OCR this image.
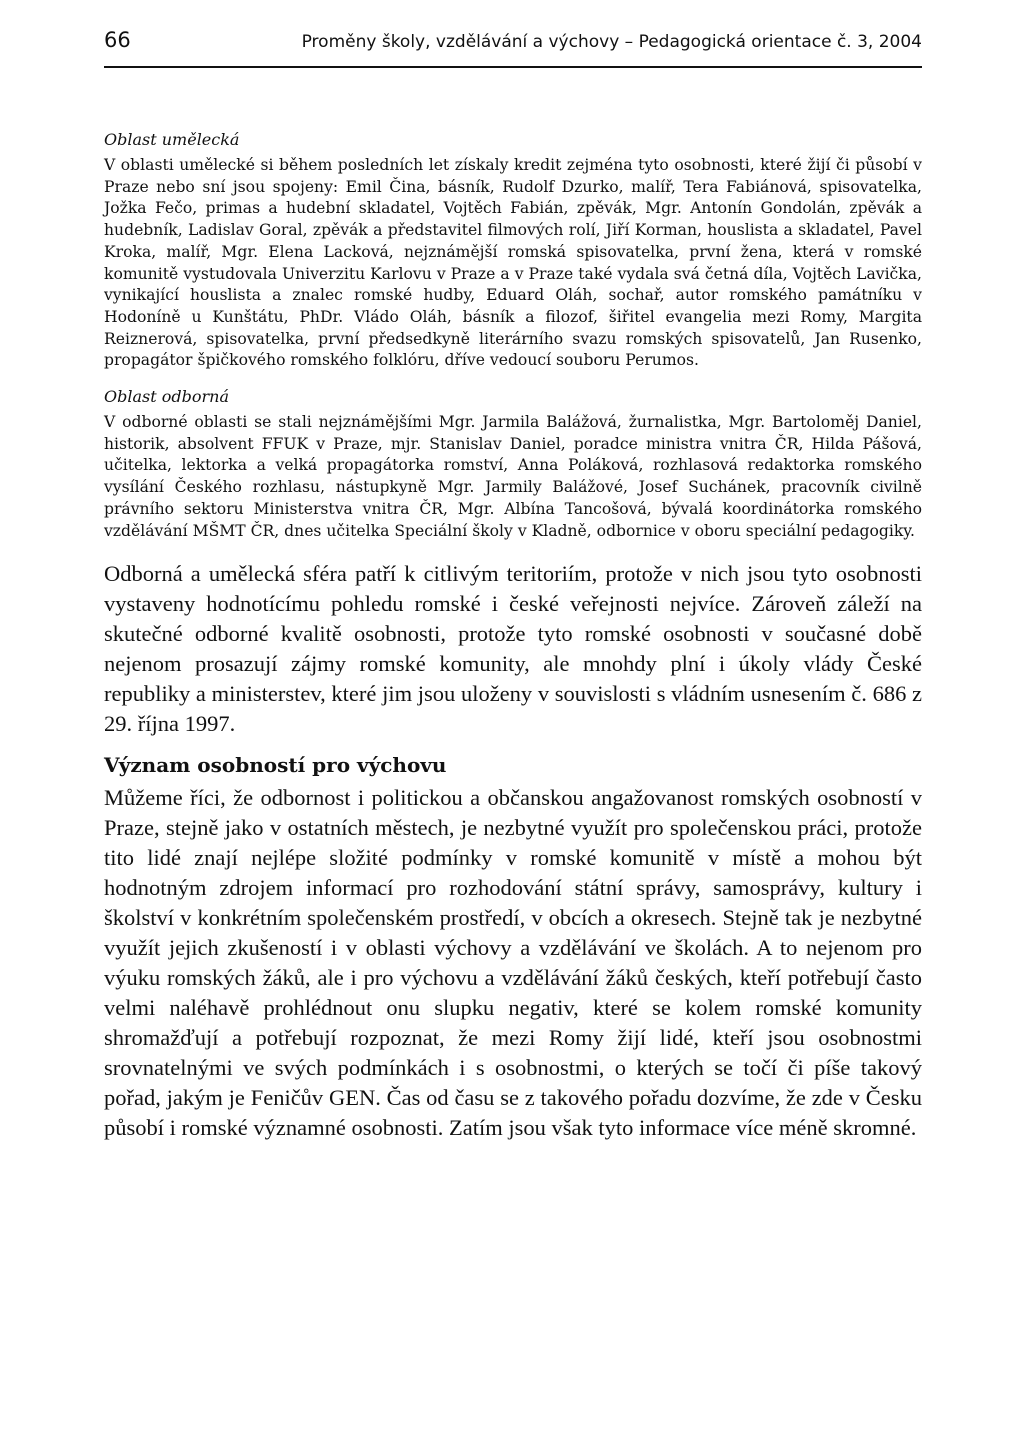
66	Proměny školy, vzdělávání a výchovy – Pedagogická orientace č. 3, 2004

Oblast umělecká

V oblasti umělecké si během posledních let získaly kredit zejména tyto osobnosti, které žijí či působí v Praze nebo sní jsou spojeny: Emil Čina, básník, Rudolf Dzurko, malíř, Tera Fabiánová, spisovatelka, Jožka Fečo, primas a hudební skladatel, Vojtěch Fabián, zpěvák, Mgr. Antonín Gondolán, zpěvák a hudebník, Ladislav Goral, zpěvák a představitel filmových rolí, Jiří Korman, houslista a skladatel, Pavel Kroka, malíř, Mgr. Elena Lacková, nejznámější romská spisovatelka, první žena, která v romské komunitě vystudovala Univerzitu Karlovu v Praze a v Praze také vydala svá četná díla, Vojtěch Lavička, vynikající houslista a znalec romské hudby, Eduard Oláh, sochař, autor romského památníku v Hodoníně u Kunštátu, PhDr. Vládo Oláh, básník a filozof, šiřitel evangelia mezi Romy, Margita Reiznerová, spisovatelka, první předsedkyně literárního svazu romských spisovatelů, Jan Rusenko, propagátor špičkového romského folklóru, dříve vedoucí souboru Perumos.

Oblast odborná

V odborné oblasti se stali nejznámějšími Mgr. Jarmila Balážová, žurnalistka, Mgr. Bartoloměj Daniel, historik, absolvent FFUK v Praze, mjr. Stanislav Daniel, poradce ministra vnitra ČR, Hilda Pášová, učitelka, lektorka a velká propagátorka romství, Anna Poláková, rozhlasová redaktorka romského vysílání Českého rozhlasu, nástupkyně Mgr. Jarmily Balážové, Josef Suchánek, pracovník civilně právního sektoru Ministerstva vnitra ČR, Mgr. Albína Tancošová, bývalá koordinátorka romského vzdělávání MŠMT ČR, dnes učitelka Speciální školy v Kladně, odbornice v oboru speciální pedagogiky.

Odborná a umělecká sféra patří k citlivým teritoriím, protože v nich jsou tyto osobnosti vystaveny hodnotícímu pohledu romské i české veřejnosti nejvíce. Zároveň záleží na skutečné odborné kvalitě osobnosti, protože tyto romské osobnosti v současné době nejenom prosazují zájmy romské komunity, ale mnohdy plní i úkoly vlády České republiky a ministerstev, které jim jsou uloženy v souvislosti s vládním usnesením č. 686 z 29. října 1997.

Význam osobností pro výchovu

Můžeme říci, že odbornost i politickou a občanskou angažovanost romských osobností v Praze, stejně jako v ostatních městech, je nezbytné využít pro společenskou práci, protože tito lidé znají nejlépe složité podmínky v romské komunitě v místě a mohou být hodnotným zdrojem informací pro rozhodování státní správy, samosprávy, kultury i školství v konkrétním společenském prostředí, v obcích a okresech. Stejně tak je nezbytné využít jejich zkušeností i v oblasti výchovy a vzdělávání ve školách. A to nejenom pro výuku romských žáků, ale i pro výchovu a vzdělávání žáků českých, kteří potřebují často velmi naléhavě prohlédnout onu slupku negativ, které se kolem romské komunity shromažďují a potřebují rozpoznat, že mezi Romy žijí lidé, kteří jsou osobnostmi srovnatelnými ve svých podmínkách i s osobnostmi, o kterých se točí či píše takový pořad, jakým je Feničův GEN. Čas od času se z takového pořadu dozvíme, že zde v Česku působí i romské významné osobnosti. Zatím jsou však tyto informace více méně skromné.
